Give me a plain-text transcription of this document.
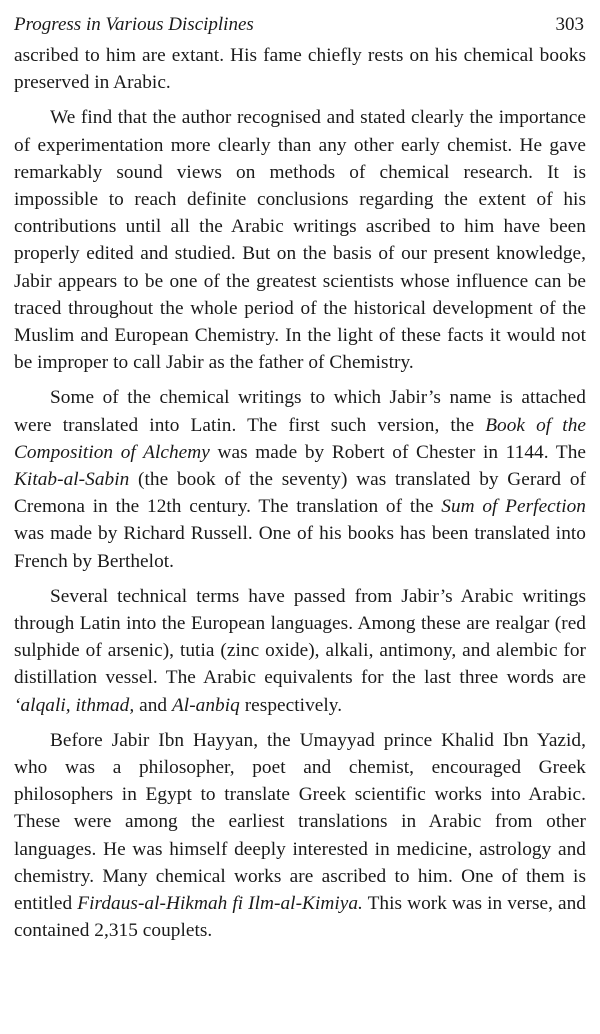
Progress in Various Disciplines	303

ascribed to him are extant. His fame chiefly rests on his chemical books preserved in Arabic.

We find that the author recognised and stated clearly the importance of experimentation more clearly than any other early chemist. He gave remarkably sound views on methods of chemical research. It is impossible to reach definite conclusions regarding the extent of his contributions until all the Arabic writings ascribed to him have been properly edited and studied. But on the basis of our present knowledge, Jabir appears to be one of the greatest scientists whose influence can be traced throughout the whole period of the historical development of the Muslim and European Chemistry. In the light of these facts it would not be improper to call Jabir as the father of Chemistry.

Some of the chemical writings to which Jabir’s name is attached were translated into Latin. The first such version, the Book of the Composition of Alchemy was made by Robert of Chester in 1144. The Kitab-al-Sabin (the book of the seventy) was translated by Gerard of Cremona in the 12th century. The translation of the Sum of Perfection was made by Richard Russell. One of his books has been translated into French by Berthelot.

Several technical terms have passed from Jabir’s Arabic writings through Latin into the European languages. Among these are realgar (red sulphide of arsenic), tutia (zinc oxide), alkali, antimony, and alembic for distillation vessel. The Arabic equivalents for the last three words are ‘alqali, ithmad, and Al-anbiq respectively.

Before Jabir Ibn Hayyan, the Umayyad prince Khalid Ibn Yazid, who was a philosopher, poet and chemist, encouraged Greek philosophers in Egypt to translate Greek scientific works into Arabic. These were among the earliest translations in Arabic from other languages. He was himself deeply interested in medicine, astrology and chemistry. Many chemical works are ascribed to him. One of them is entitled Firdaus-al-Hikmah fi Ilm-al-Kimiya. This work was in verse, and contained 2,315 couplets.
